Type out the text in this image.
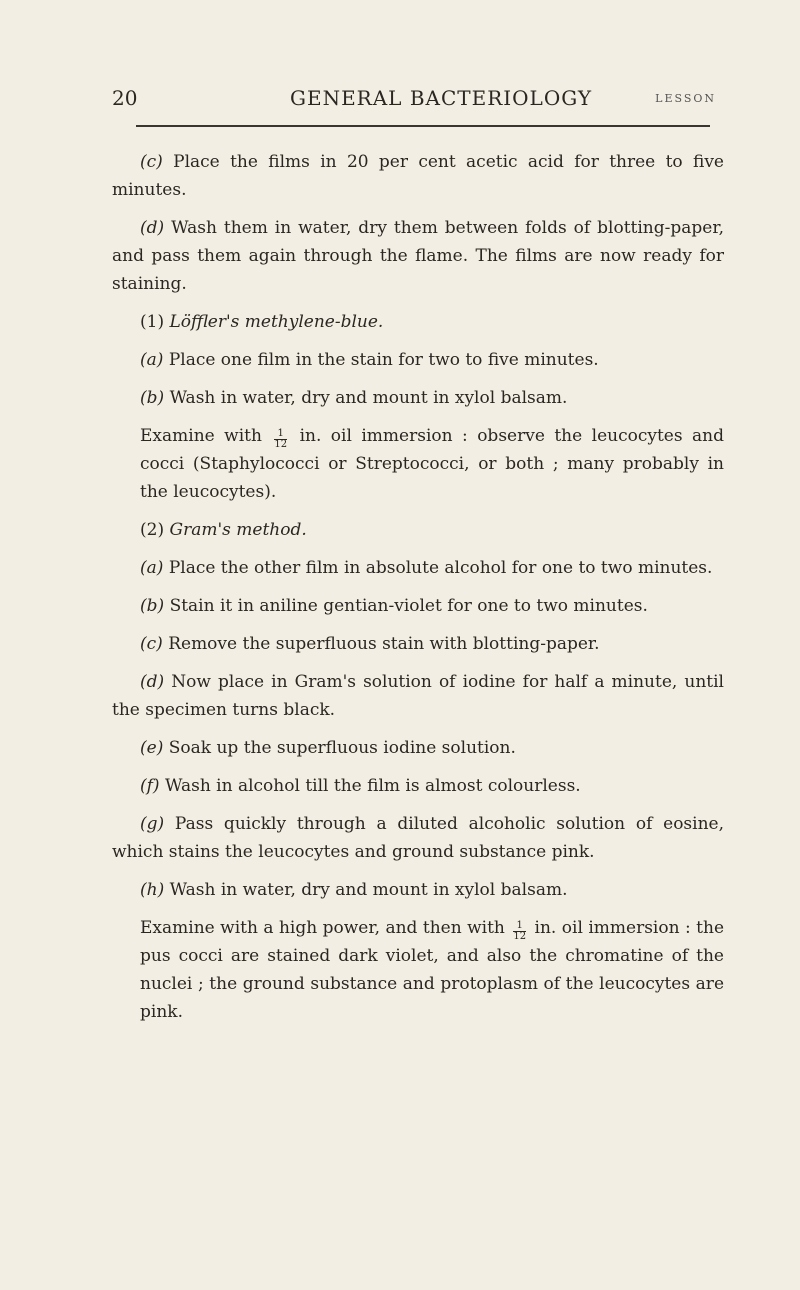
20	GENERAL BACTERIOLOGY	LESSON

(c) Place the films in 20 per cent acetic acid for three to five minutes.

(d) Wash them in water, dry them between folds of blotting-paper, and pass them again through the flame. The films are now ready for staining.

(1) Löffler's methylene-blue.

(a) Place one film in the stain for two to five minutes.

(b) Wash in water, dry and mount in xylol balsam.

Examine with $\frac{1}{12}$ in. oil immersion : observe the leucocytes and cocci (Staphylococci or Streptococci, or both ; many probably in the leucocytes).

(2) Gram's method.

(a) Place the other film in absolute alcohol for one to two minutes.

(b) Stain it in aniline gentian-violet for one to two minutes.

(c) Remove the superfluous stain with blotting-paper.

(d) Now place in Gram's solution of iodine for half a minute, until the specimen turns black.

(e) Soak up the superfluous iodine solution.

(f) Wash in alcohol till the film is almost colourless.

(g) Pass quickly through a diluted alcoholic solution of eosine, which stains the leucocytes and ground substance pink.

(h) Wash in water, dry and mount in xylol balsam.

Examine with a high power, and then with $\frac{1}{12}$ in. oil immersion : the pus cocci are stained dark violet, and also the chromatine of the nuclei ; the ground substance and protoplasm of the leucocytes are pink.
